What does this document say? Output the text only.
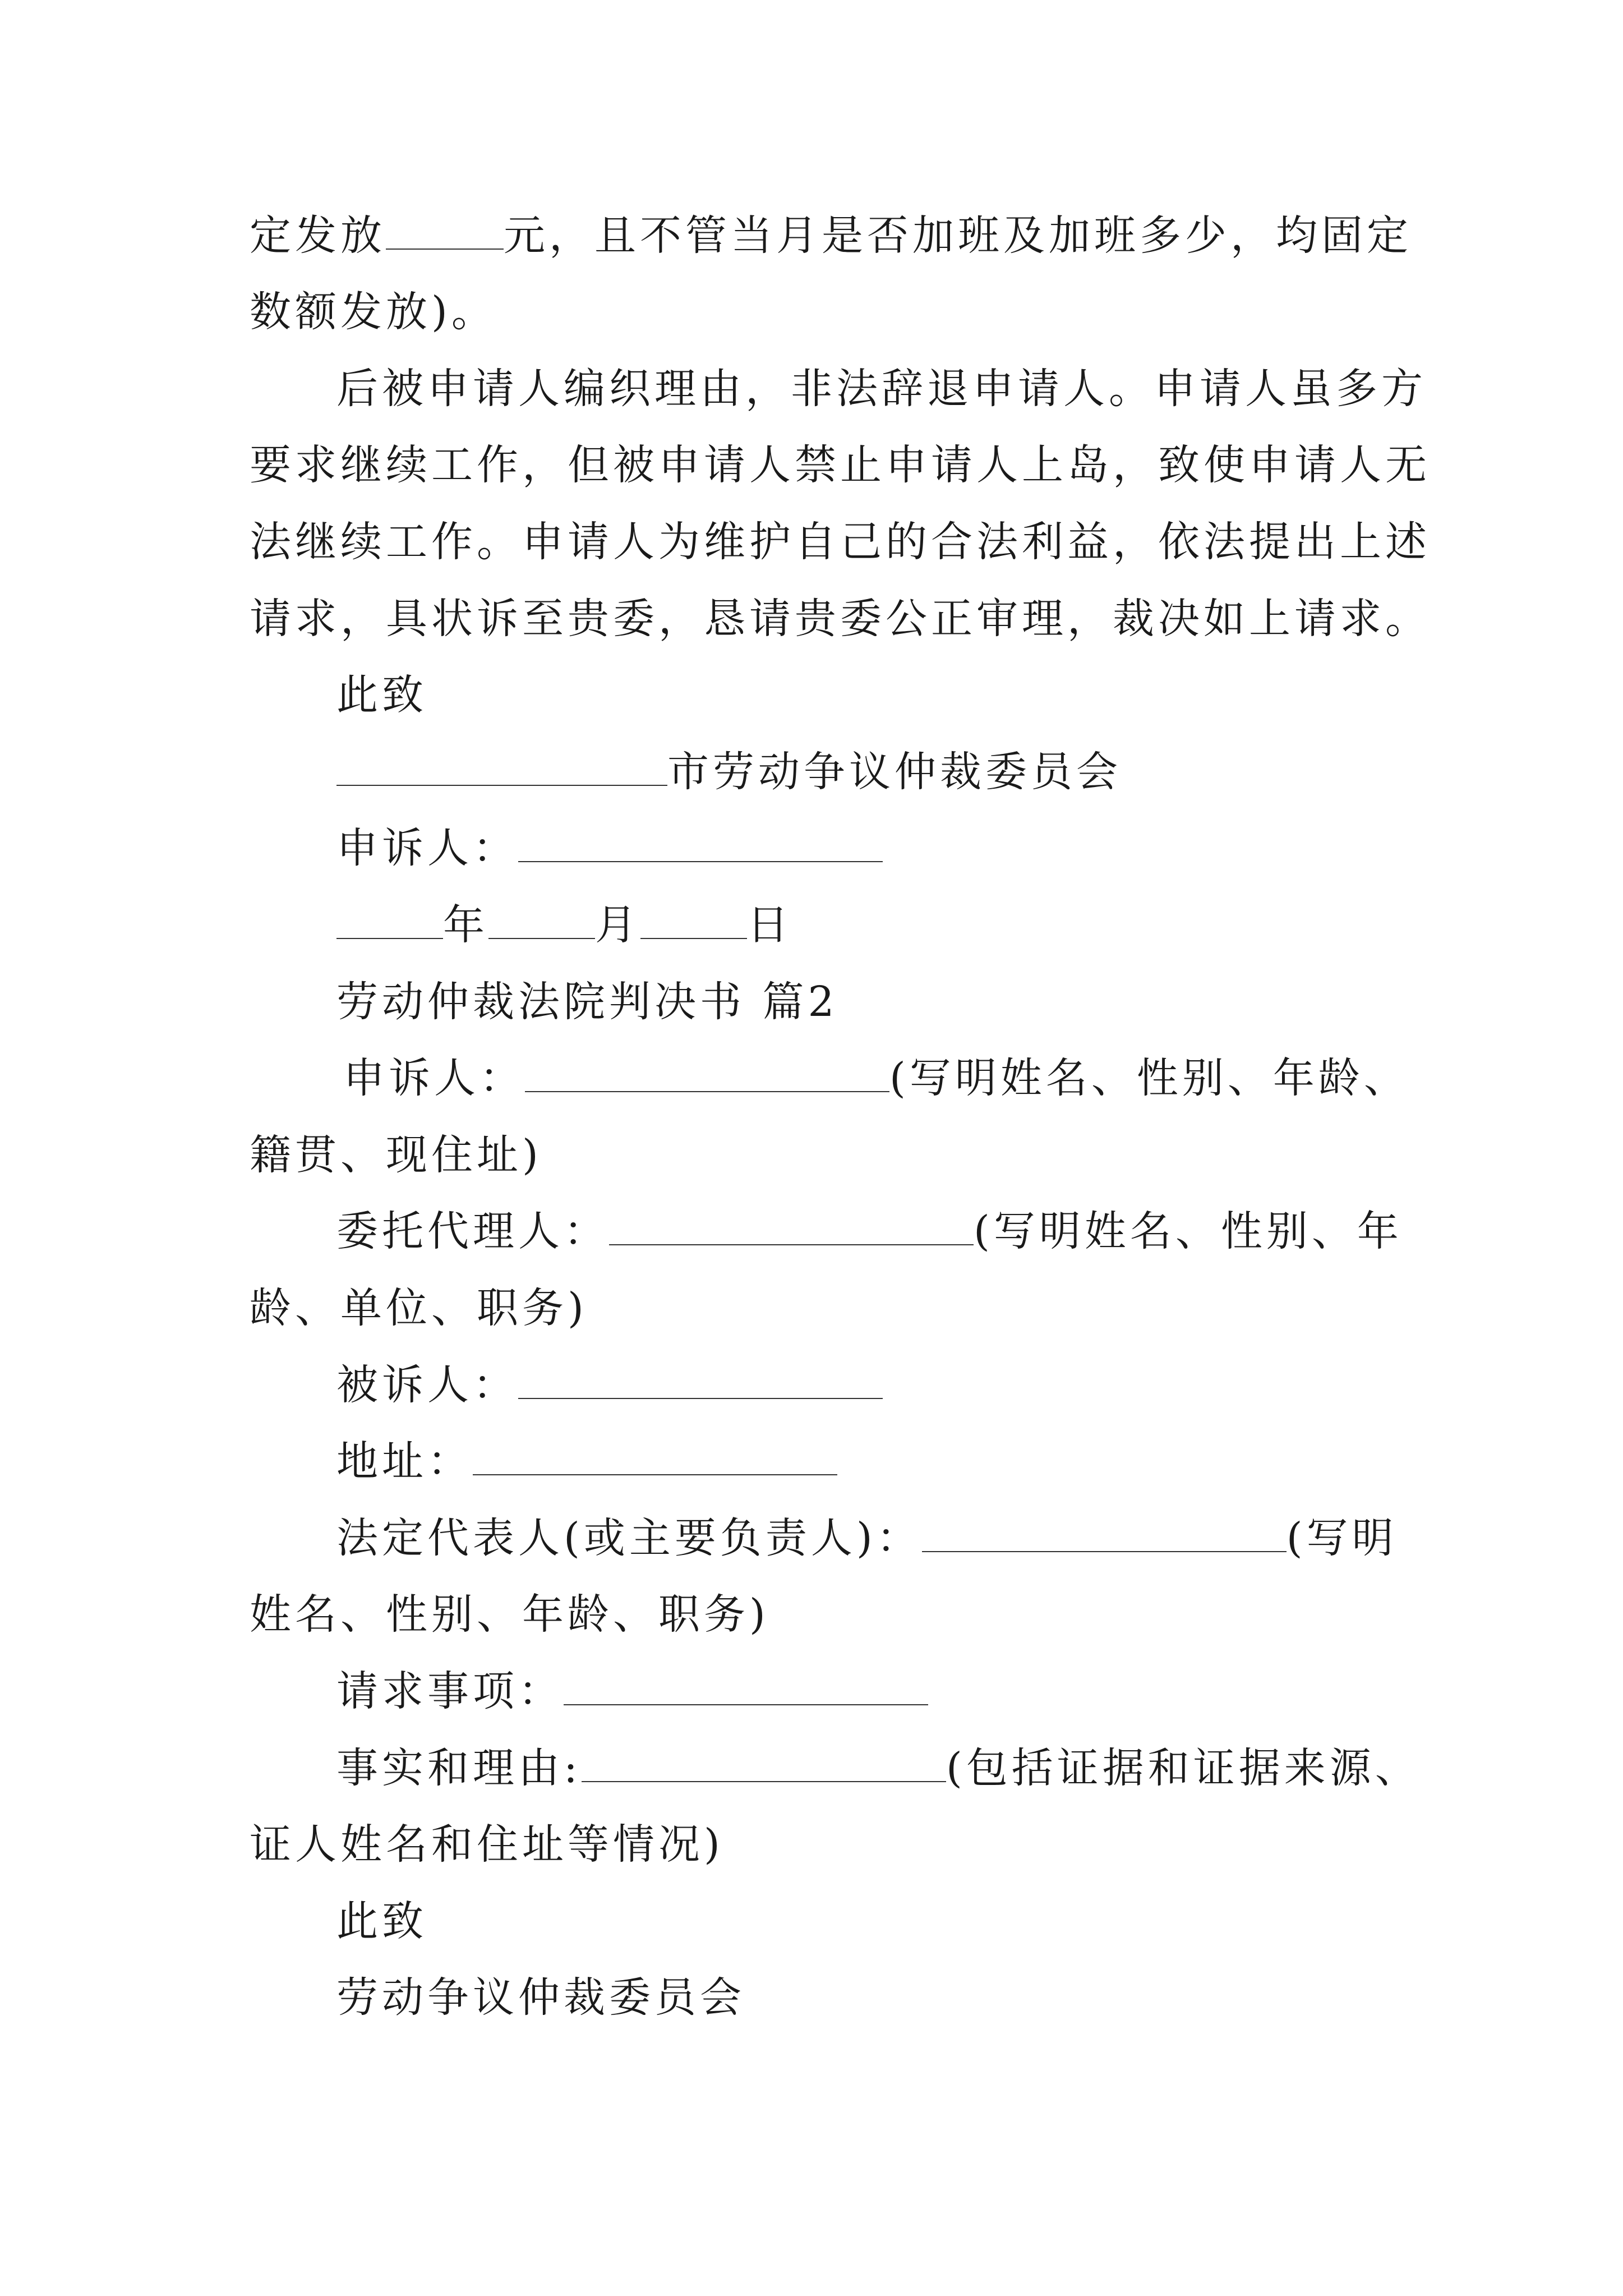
定发放	元，且不管当月是否加班及加班多少，均固定
数额发放)。
后被申请人编织理由，非法辞退申请人。申请人虽多方
要求继续工作，但被申请人禁止申请人上岛，致使申请人无
法继续工作。申请人为维护自己的合法利益，依法提出上述
请求，具状诉至贵委，恳请贵委公正审理，裁决如上请求。
此致
市劳动争议仲裁委员会
申诉人：
年	月	日
劳动仲裁法院判决书 篇2
申诉人：	(写明姓名、性别、年龄、
籍贯、现住址)
委托代理人：	(写明姓名、性别、年
龄、单位、职务)
被诉人：
地址：
法定代表人(或主要负责人)：	(写明
姓名、性别、年龄、职务)
请求事项：
事实和理由:	(包括证据和证据来源、
证人姓名和住址等情况)
此致
劳动争议仲裁委员会
